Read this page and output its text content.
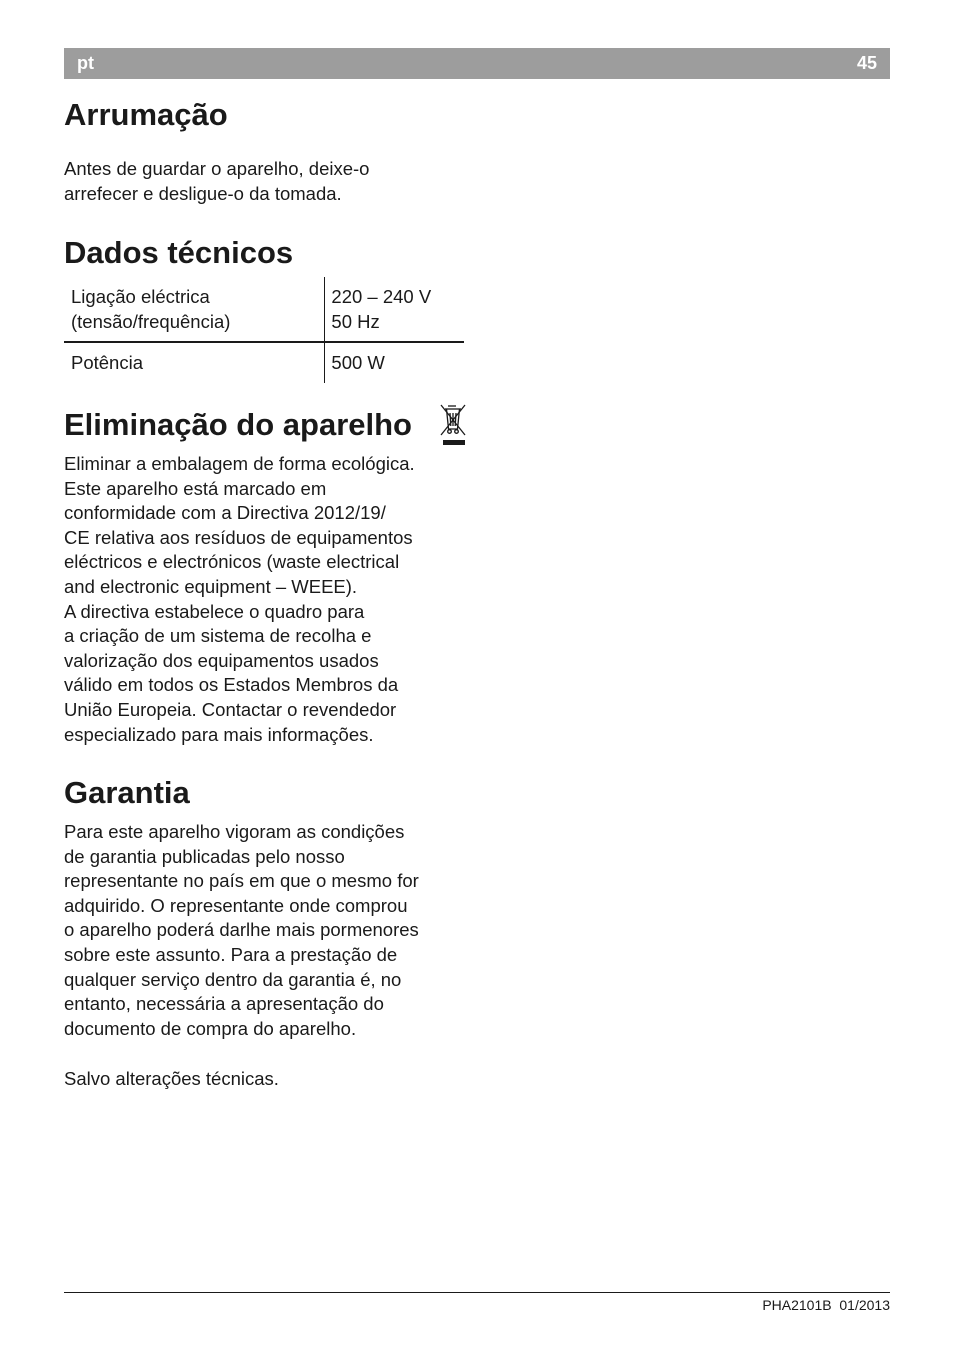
pt	45
Arrumação
Antes de guardar o aparelho, deixe-o
arrefecer e desligue-o da tomada.
Dados técnicos
Ligação eléctrica
(tensão/frequência)
220 – 240 V
50 Hz
Potência	500 W
Eliminação do aparelho
Eliminar a embalagem de forma ecológica.
Este aparelho está marcado em
conformidade com a Directiva 2012/19/
CE relativa aos resíduos de equipamentos
eléctricos e electrónicos (waste electrical
and electronic equipment – WEEE).
A directiva estabelece o quadro para
a criação de um sistema de recolha e
valorização dos equipamentos usados
válido em todos os Estados Membros da
União Europeia. Contactar o revendedor
especializado para mais informações.
Garantia
Para este aparelho vigoram as condições
de garantia publicadas pelo nosso
representante no país em que o mesmo for
adquirido. O representante onde comprou
o aparelho poderá darlhe mais pormenores
sobre este assunto. Para a prestação de
qualquer serviço dentro da garantia é, no
entanto, necessária a apresentação do
documento de compra do aparelho.
Salvo alterações técnicas.
PHA2101B 01/2013
